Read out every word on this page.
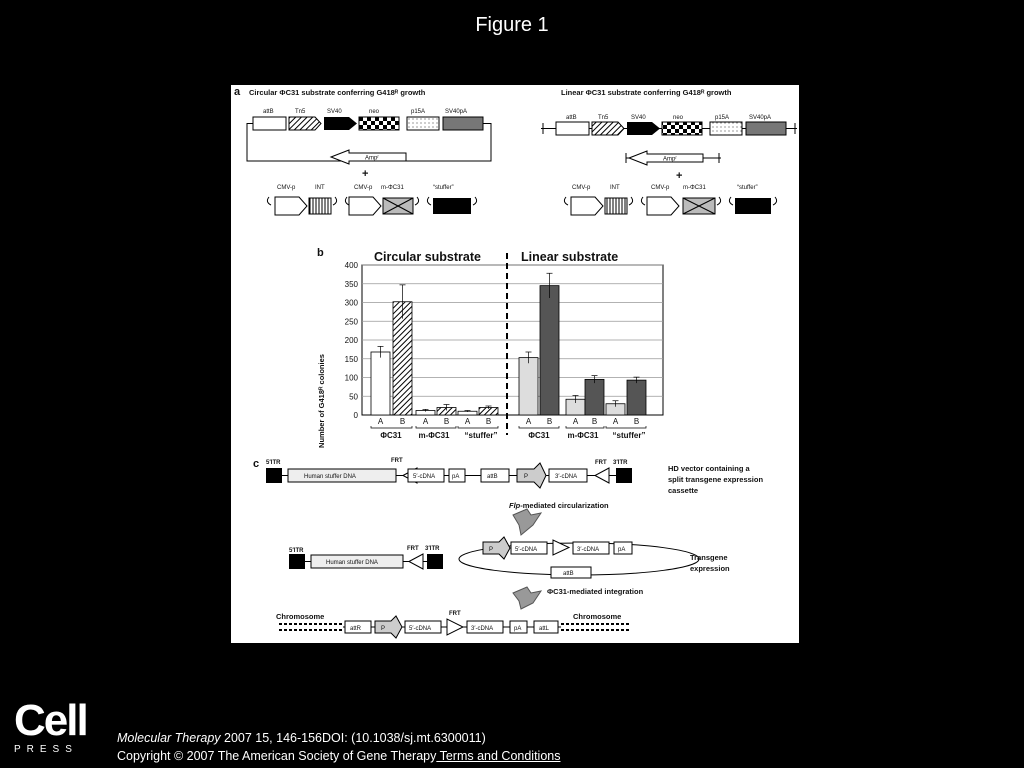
Figure 1
a Circular ΦC31 substrate conferring G418ᴿ growth	Linear ΦC31 substrate conferring G418ᴿ growth
attB	Tn5	SV40	neo	p15A	SV40pA
Ampʳ
+
CMV-p	INT	CMV-p m-ΦC31	“stuffer”
attB	Tn5	SV40	neo	p15A	SV40pA
Ampʳ
+
CMV-p	INT	CMV-p m-ΦC31	“stuffer”
b	Circular substrate	Linear substrate
Number of G418ᴿ colonies	0
50
100
150
200
250
300
350
400
A B A B A B	A B	A B A B
ΦC31 m-ΦC31 “stuffer”	ΦC31 m-ΦC31 “stuffer”
c 5′ITR
Human stuffer DNA
FRT
5′-cDNA	pA	attB	P	3′-cDNA
FRT 3′ITR
HD vector containing a
split transgene expression
cassette
Flp-mediated circularization
5′ITR
Human stuffer DNA
FRT 3′ITR	P	5′-cDNA	3′-cDNA	pA
attB
Transgene
expression
ΦC31-mediated integration
Chromosome	Chromosome
attR	P	5′-cDNA
FRT
3′-cDNA	pA	attL
Cell
PRESS
Molecular Therapy 2007 15, 146-156DOI: (10.1038/sj.mt.6300011)
Copyright © 2007 The American Society of Gene Therapy Terms and Conditions
